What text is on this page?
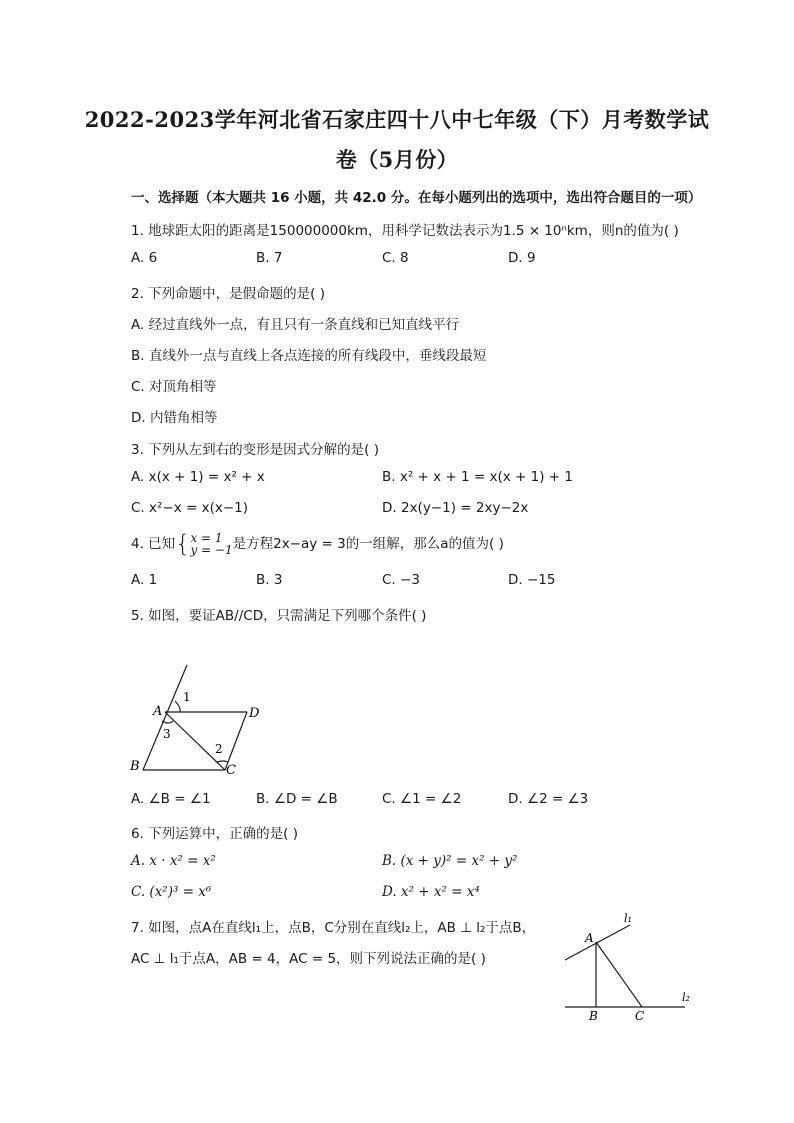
2022-2023学年河北省石家庄四十八中七年级（下）月考数学试
卷（5月份）
一、选择题（本大题共 16 小题，共 42.0 分。在每小题列出的选项中，选出符合题目的一项）
1. 地球距太阳的距离是150000000km，用科学记数法表示为1.5 × 10ⁿkm，则n的值为( )
A. 6	B. 7	C. 8	D. 9
2. 下列命题中，是假命题的是( )
A. 经过直线外一点，有且只有一条直线和已知直线平行
B. 直线外一点与直线上各点连接的所有线段中，垂线段最短
C. 对顶角相等
D. 内错角相等
3. 下列从左到右的变形是因式分解的是( )
A. x(x + 1) = x² + x	B. x² + x + 1 = x(x + 1) + 1
C. x²−x = x(x−1)	D. 2x(y−1) = 2xy−2x
4. 已知{ x = 1
y = −1 是方程2x−ay = 3的一组解，那么a的值为( )
A. 1	B. 3	C. −3	D. −15
5. 如图，要证AB//CD，只需满足下列哪个条件( )
A	D
B	C
1
2
3
A. ∠B = ∠1	B. ∠D = ∠B	C. ∠1 = ∠2	D. ∠2 = ∠3
6. 下列运算中，正确的是( )
A. x · x² = x²	B. (x + y)² = x² + y²
C. (x²)³ = x⁶	D. x² + x² = x⁴
7. 如图，点A在直线l₁上，点B，C分别在直线l₂上，AB ⊥ l₂于点B，
AC ⊥ l₁于点A，AB = 4，AC = 5，则下列说法正确的是( )
A
B	C
l₁
l₂
